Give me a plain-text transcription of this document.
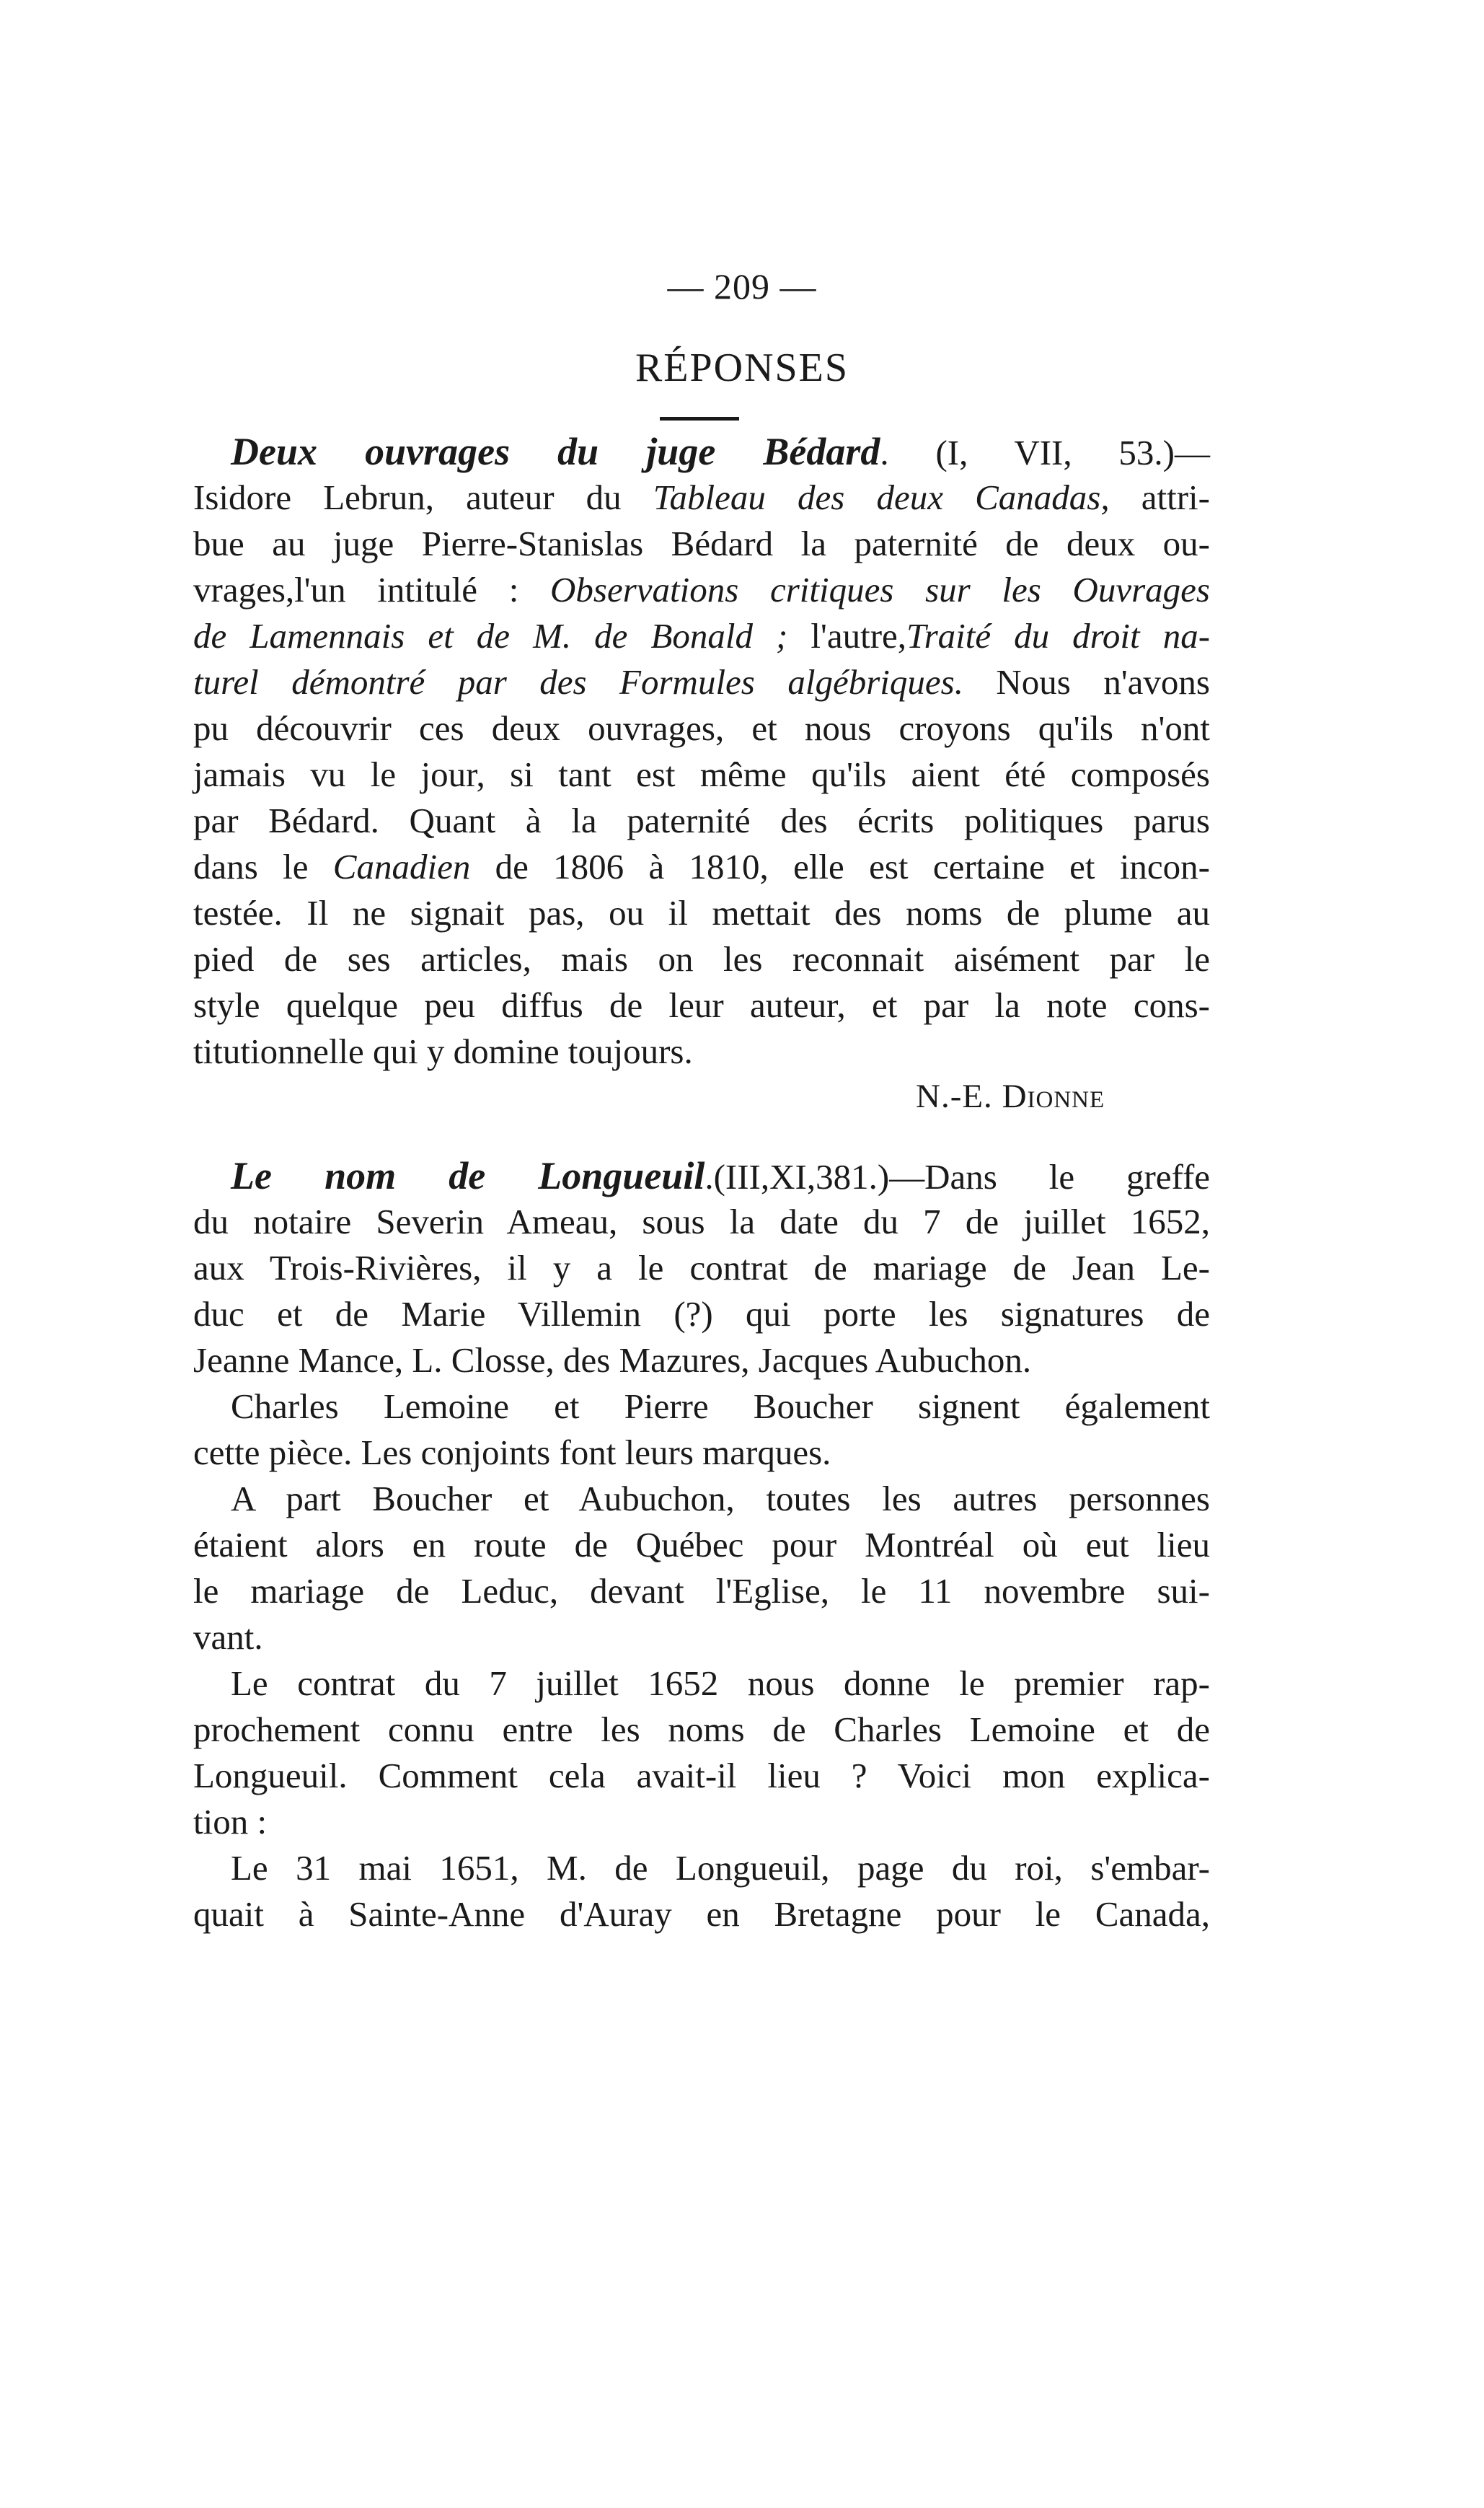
— 209 —
RÉPONSES
Deux ouvrages du juge Bédard. (I, VII, 53.)—
Isidore Lebrun, auteur du Tableau des deux Canadas, attri-
bue au juge Pierre-Stanislas Bédard la paternité de deux ou-
vrages,l'un intitulé : Observations critiques sur les Ouvrages
de Lamennais et de M. de Bonald ; l'autre,Traité du droit na-
turel démontré par des Formules algébriques. Nous n'avons
pu découvrir ces deux ouvrages, et nous croyons qu'ils n'ont
jamais vu le jour, si tant est même qu'ils aient été composés
par Bédard. Quant à la paternité des écrits politiques parus
dans le Canadien de 1806 à 1810, elle est certaine et incon-
testée. Il ne signait pas, ou il mettait des noms de plume au
pied de ses articles, mais on les reconnait aisément par le
style quelque peu diffus de leur auteur, et par la note cons-
titutionnelle qui y domine toujours.
N.-E. Dionne
Le nom de Longueuil.(III,XI,381.)—Dans le greffe
du notaire Severin Ameau, sous la date du 7 de juillet 1652,
aux Trois-Rivières, il y a le contrat de mariage de Jean Le-
duc et de Marie Villemin (?) qui porte les signatures de
Jeanne Mance, L. Closse, des Mazures, Jacques Aubuchon.
Charles Lemoine et Pierre Boucher signent également
cette pièce. Les conjoints font leurs marques.
A part Boucher et Aubuchon, toutes les autres personnes
étaient alors en route de Québec pour Montréal où eut lieu
le mariage de Leduc, devant l'Eglise, le 11 novembre sui-
vant.
Le contrat du 7 juillet 1652 nous donne le premier rap-
prochement connu entre les noms de Charles Lemoine et de
Longueuil. Comment cela avait-il lieu ? Voici mon explica-
tion :
Le 31 mai 1651, M. de Longueuil, page du roi, s'embar-
quait à Sainte-Anne d'Auray en Bretagne pour le Canada,
